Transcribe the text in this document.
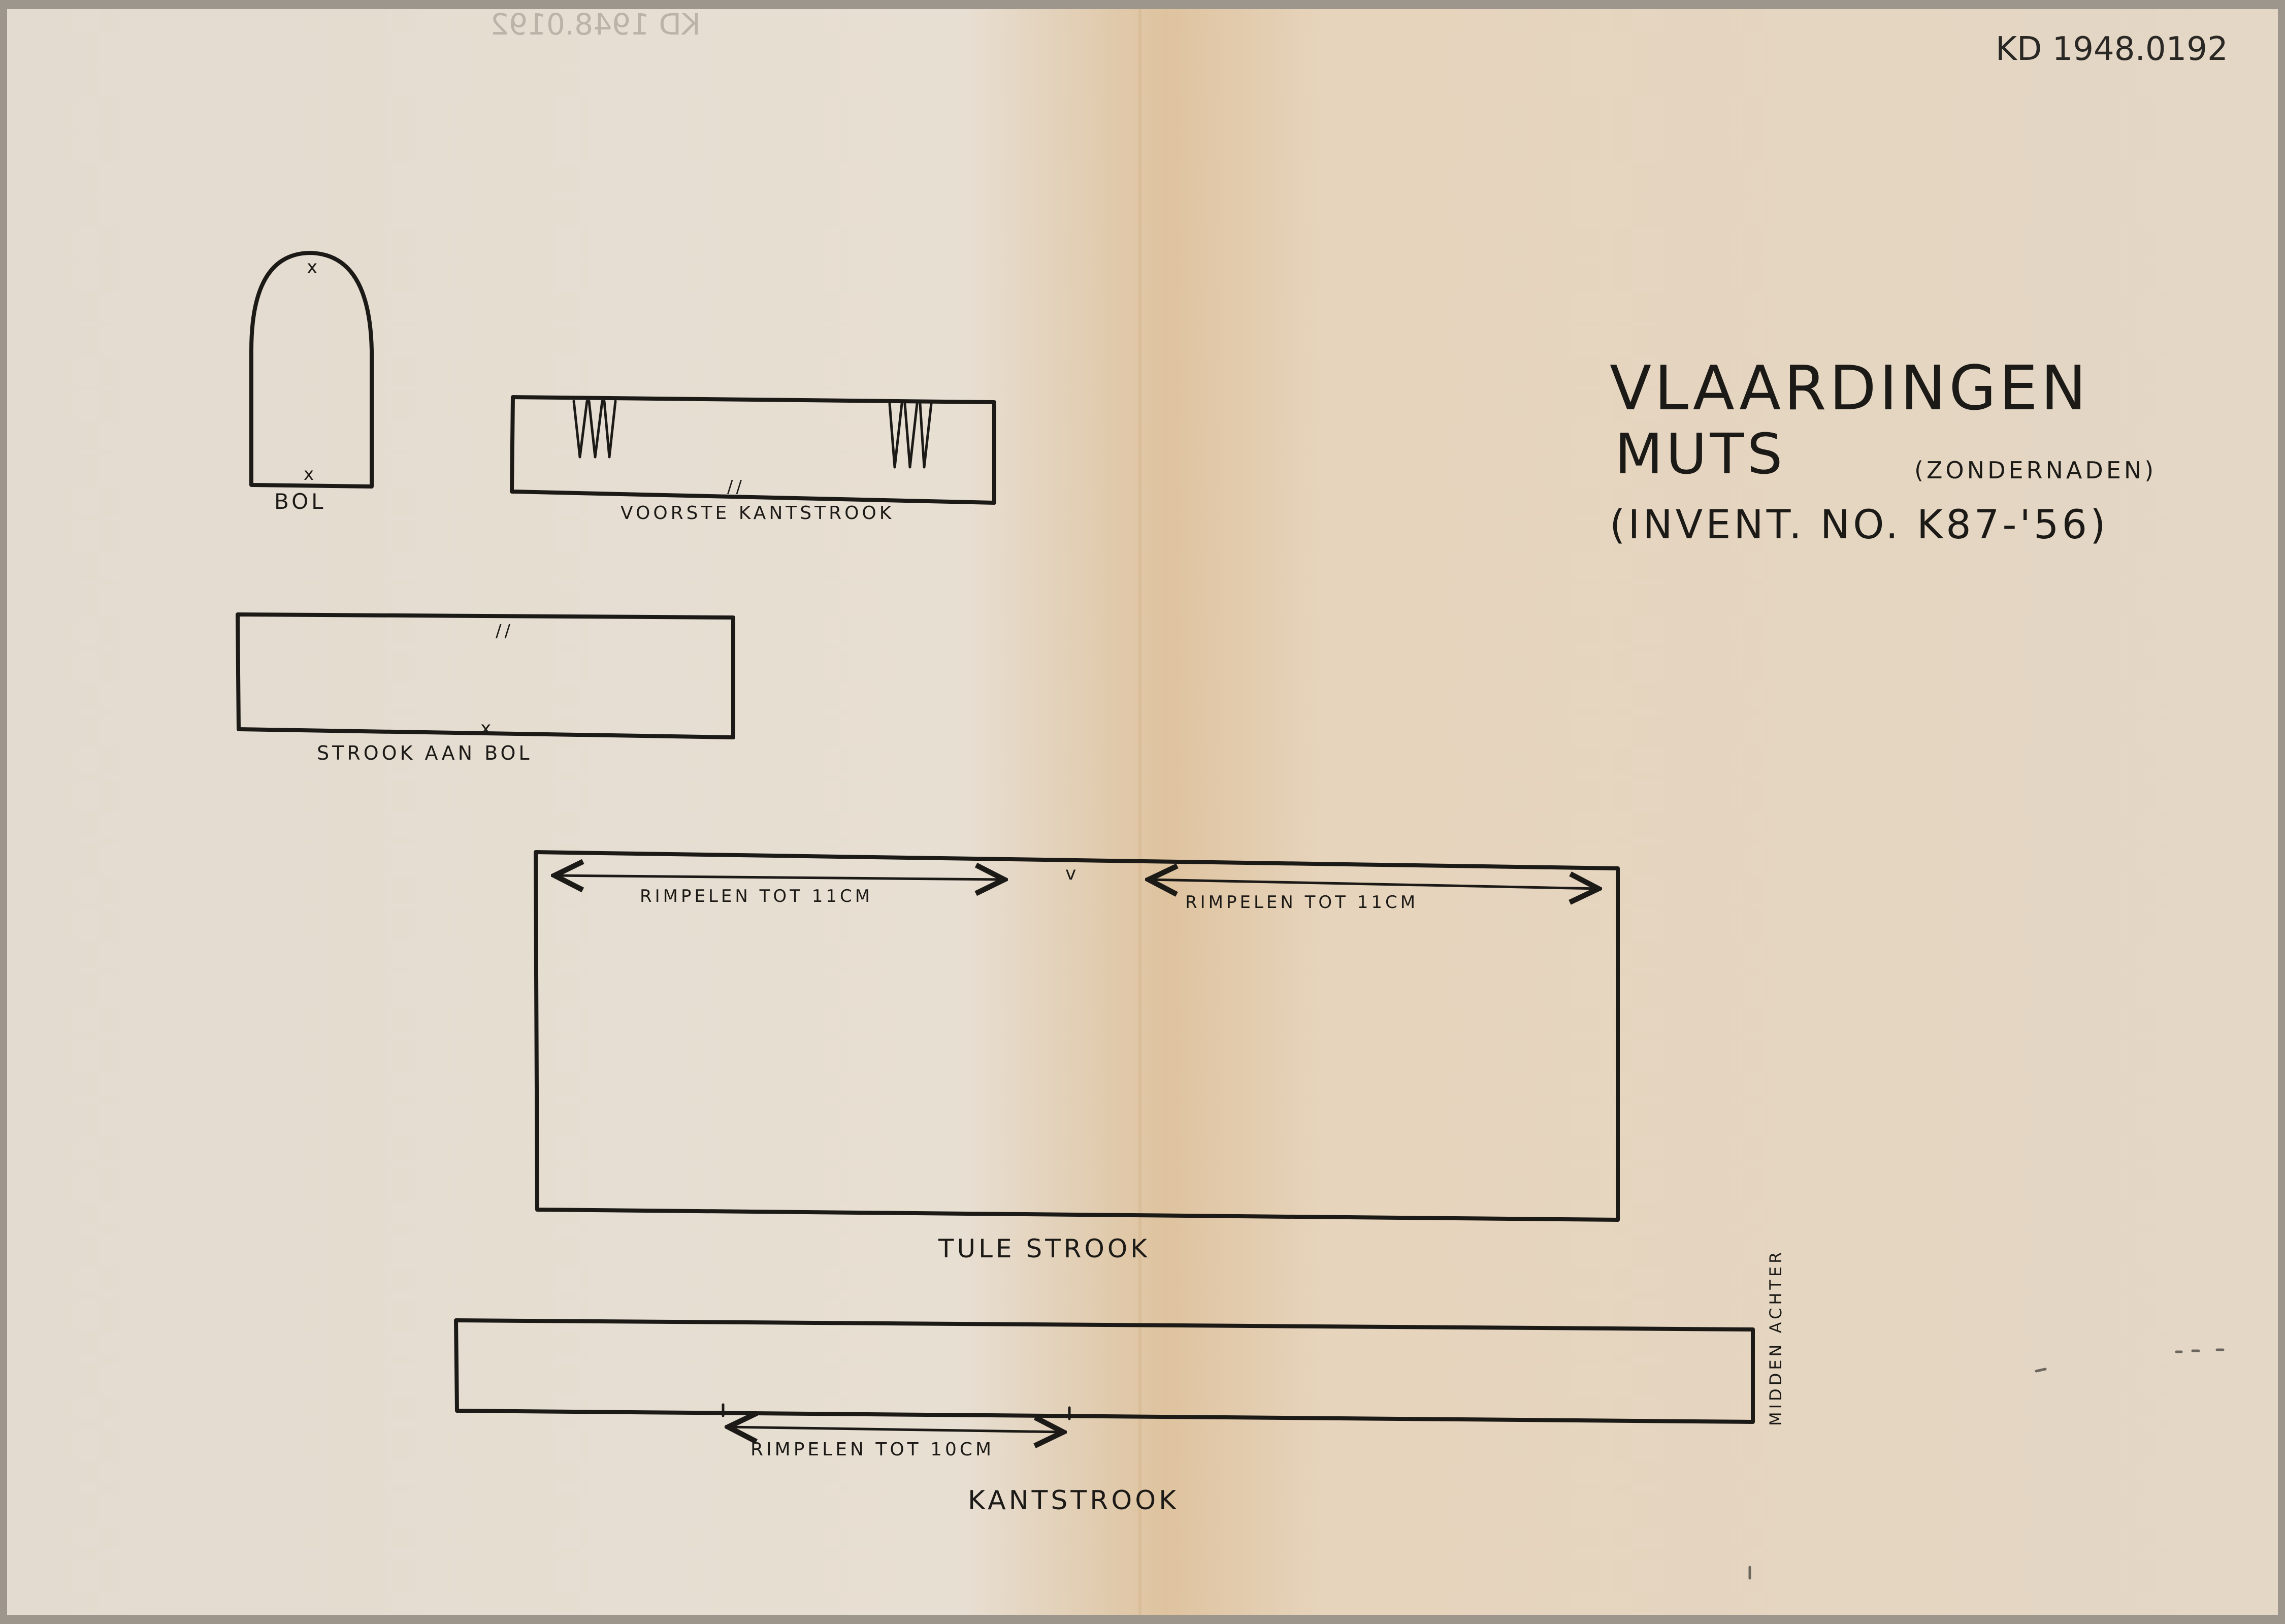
KD 1948.0192
KD 1948.0192
VLAARDINGEN
MUTS	(ZONDERNADEN)
(INVENT. NO. K87-'56)
x
x
BOL
//
VOORSTE KANTSTROOK
//
x
STROOK AAN BOL
RIMPELEN TOT 11CM
v
RIMPELEN TOT 11CM
TULE STROOK
RIMPELEN TOT 10CM
MIDDEN ACHTER
KANTSTROOK
